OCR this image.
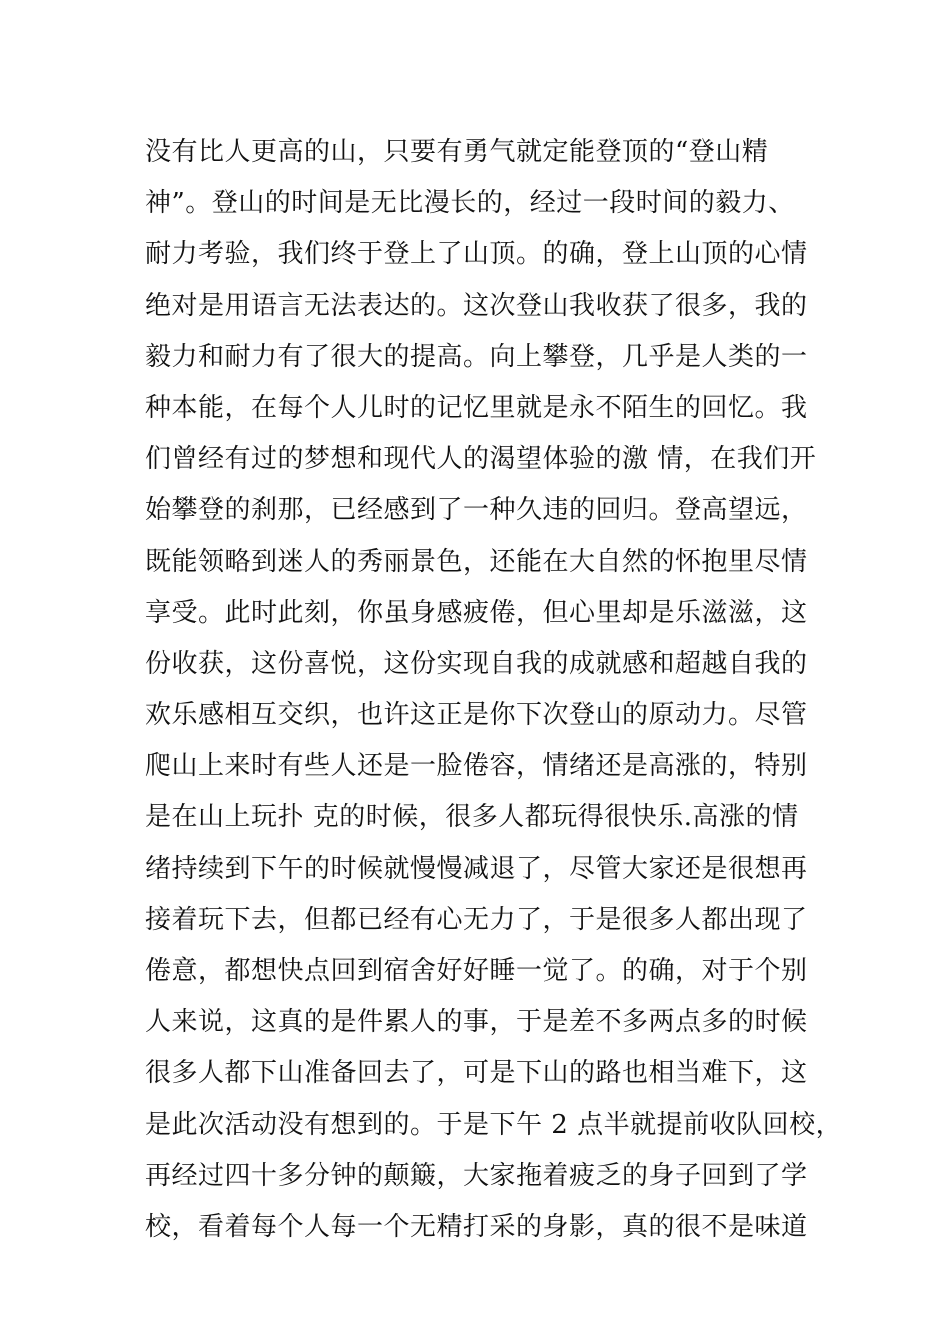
没有比人更高的山，只要有勇气就定能登顶的“登山精
神”。登山的时间是无比漫长的，经过一段时间的毅力、
耐力考验，我们终于登上了山顶。的确，登上山顶的心情
绝对是用语言无法表达的。这次登山我收获了很多，我的
毅力和耐力有了很大的提高。向上攀登，几乎是人类的一
种本能，在每个人儿时的记忆里就是永不陌生的回忆。我
们曾经有过的梦想和现代人的渴望体验的激 情，在我们开
始攀登的刹那，已经感到了一种久违的回归。登高望远，
既能领略到迷人的秀丽景色，还能在大自然的怀抱里尽情
享受。此时此刻，你虽身感疲倦，但心里却是乐滋滋，这
份收获，这份喜悦，这份实现自我的成就感和超越自我的
欢乐感相互交织，也许这正是你下次登山的原动力。尽管
爬山上来时有些人还是一脸倦容，情绪还是高涨的，特别
是在山上玩扑 克的时候，很多人都玩得很快乐.高涨的情
绪持续到下午的时候就慢慢减退了，尽管大家还是很想再
接着玩下去，但都已经有心无力了，于是很多人都出现了
倦意，都想快点回到宿舍好好睡一觉了。的确，对于个别
人来说，这真的是件累人的事，于是差不多两点多的时候
很多人都下山准备回去了，可是下山的路也相当难下，这
是此次活动没有想到的。于是下午 2 点半就提前收队回校，
再经过四十多分钟的颠簸，大家拖着疲乏的身子回到了学
校，看着每个人每一个无精打采的身影，真的很不是味道
